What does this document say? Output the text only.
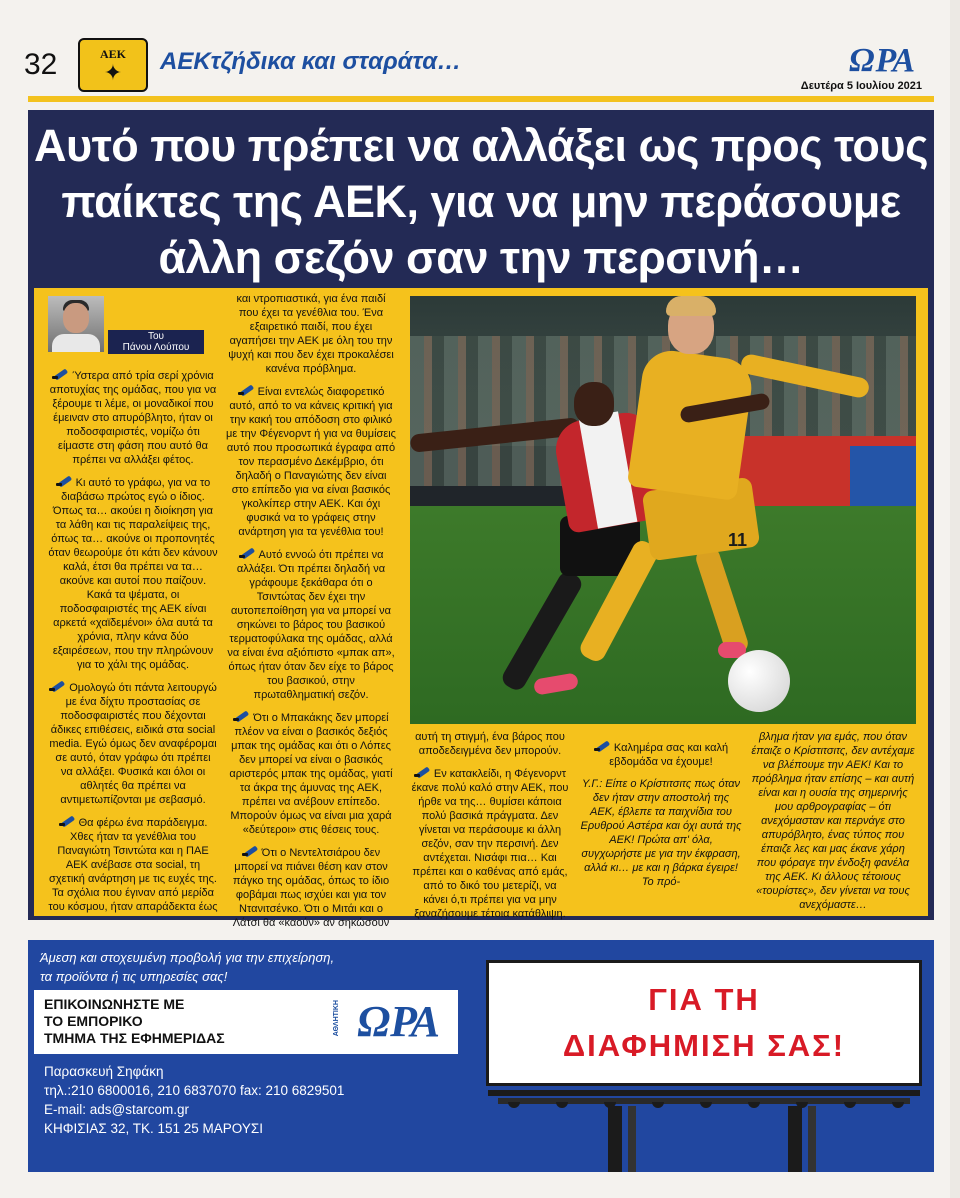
32	ΑΕΚ
✦ ΑΕΚτζήδικα και σταράτα…	ΩΡΑ
Δευτέρα 5 Ιουλίου 2021
Αυτό που πρέπει να αλλάξει ως προς τους
παίκτες της ΑΕΚ, για να μην περάσουμε
άλλη σεζόν σαν την περσινή…
Του
Πάνου Λούπου

Ύστερα από τρία σερί χρόνια αποτυχίας της ομάδας, που για να ξέρουμε τι λέμε, οι μοναδικοί που έμειναν στο απυρόβλητο, ήταν οι ποδοσφαιριστές, νομίζω ότι είμαστε στη φάση που αυτό θα πρέπει να αλλάξει φέτος.

Κι αυτό το γράφω, για να το διαβάσω πρώτος εγώ ο ίδιος. Όπως τα… ακούει η διοίκηση για τα λάθη και τις παραλείψεις της, όπως τα… ακούνε οι προπονητές όταν θεωρούμε ότι κάτι δεν κάνουν καλά, έτσι θα πρέπει να τα… ακούνε και αυτοί που παίζουν. Κακά τα ψέματα, οι ποδοσφαιριστές της ΑΕΚ είναι αρκετά «χαϊδεμένοι» όλα αυτά τα χρόνια, πλην κάνα δύο εξαιρέσεων, που την πληρώνουν για το χάλι της ομάδας.

Ομολογώ ότι πάντα λειτουργώ με ένα δίχτυ προστασίας σε ποδοσφαιριστές που δέχονται άδικες επιθέσεις, ειδικά στα social media. Εγώ όμως δεν αναφέρομαι σε αυτό, όταν γράφω ότι πρέπει να αλλάξει. Φυσικά και όλοι οι αθλητές θα πρέπει να αντιμετωπίζονται με σεβασμό.

Θα φέρω ένα παράδειγμα. Χθες ήταν τα γενέθλια του Παναγιώτη Τσιντώτα και η ΠΑΕ ΑΕΚ ανέβασε στα social, τη σχετική ανάρτηση με τις ευχές της. Τα σχόλια που έγιναν από μερίδα του κόσμου, ήταν απαράδεκτα έως

και ντροπιαστικά, για ένα παιδί που έχει τα γενέθλια του. Ένα εξαιρετικό παιδί, που έχει αγαπήσει την ΑΕΚ με όλη του την ψυχή και που δεν έχει προκαλέσει κανένα πρόβλημα.

Είναι εντελώς διαφορετικό αυτό, από το να κάνεις κριτική για την κακή του απόδοση στο φιλικό με την Φέγενορντ ή για να θυμίσεις αυτό που προσωπικά έγραφα από τον περασμένο Δεκέμβριο, ότι δηλαδή ο Παναγιώτης δεν είναι στο επίπεδο για να είναι βασικός γκολκίπερ στην ΑΕΚ. Και όχι φυσικά να το γράφεις στην ανάρτηση για τα γενέθλια του!

Αυτό εννοώ ότι πρέπει να αλλάξει. Ότι πρέπει δηλαδή να γράφουμε ξεκάθαρα ότι ο Τσιντώτας δεν έχει την αυτοπεποίθηση για να μπορεί να σηκώνει το βάρος του βασικού τερματοφύλακα της ομάδας, αλλά να είναι ένα αξιόπιστο «μπακ απ», όπως ήταν όταν δεν είχε το βάρος του βασικού, στην πρωταθληματική σεζόν.

Ότι ο Μπακάκης δεν μπορεί πλέον να είναι ο βασικός δεξιός μπακ της ομάδας και ότι ο Λόπες δεν μπορεί να είναι ο βασικός αριστερός μπακ της ομάδας, γιατί τα άκρα της άμυνας της ΑΕΚ, πρέπει να ανέβουν επίπεδο. Μπορούν όμως να είναι μια χαρά «δεύτεροι» στις θέσεις τους.

Ότι ο Νεντελτσιάρου δεν μπορεί να πιάνει θέση καν στον πάγκο της ομάδας, όπως το ίδιο φοβάμαι πως ισχύει και για τον Ντανιτσένκο. Ότι ο Μιτάι και ο Λάτσι θα «καούν» αν σηκώσουν

11

αυτή τη στιγμή, ένα βάρος που αποδεδειγμένα δεν μπορούν.

Εν κατακλείδι, η Φέγενορντ έκανε πολύ καλό στην ΑΕΚ, που ήρθε να της… θυμίσει κάποια πολύ βασικά πράγματα. Δεν γίνεται να περάσουμε κι άλλη σεζόν, σαν την περσινή. Δεν αντέχεται. Νισάφι πια… Και πρέπει και ο καθένας από εμάς, από το δικό του μετερίζι, να κάνει ό,τι πρέπει για να μην ξαναζήσουμε τέτοια κατάθλιψη.

Καλημέρα σας και καλή εβδομάδα να έχουμε!

Υ.Γ.: Είπε ο Κρίστιτσιτς πως όταν δεν ήταν στην αποστολή της ΑΕΚ, έβλεπε τα παιχνίδια του Ερυθρού Αστέρα και όχι αυτά της ΑΕΚ! Πρώτα απ' όλα, συγχωρήστε με για την έκφραση, αλλά κι… με και η βάρκα έγειρε! Το πρό-

βλημα ήταν για εμάς, που όταν έπαιζε ο Κρίστιτσιτς, δεν αντέχαμε να βλέπουμε την ΑΕΚ! Και το πρόβλημα ήταν επίσης – και αυτή είναι και η ουσία της σημερινής μου αρθρογραφίας – ότι ανεχόμασταν και περνάγε στο απυρόβλητο, ένας τύπος που έπαιζε λες και μας έκανε χάρη που φόραγε την ένδοξη φανέλα της ΑΕΚ. Κι άλλους τέτοιους «τουρίστες», δεν γίνεται να τους ανεχόμαστε…

Άμεση και στοχευμένη προβολή για την επιχείρηση,
τα προϊόντα ή τις υπηρεσίες σας!
ΕΠΙΚΟΙΝΩΝΗΣΤΕ ΜΕ
ΤΟ ΕΜΠΟΡΙΚΟ
ΤΜΗΜΑ ΤΗΣ ΕΦΗΜΕΡΙΔΑΣ
ΑΘΛΗΤΙΚΗ ΩΡΑ
Παρασκευή Σηφάκη
τηλ.:210 6800016, 210 6837070 fax: 210 6829501
E-mail: ads@starcom.gr
ΚΗΦΙΣΙΑΣ 32, ΤΚ. 151 25 ΜΑΡΟΥΣΙ
ΓΙΑ ΤΗ
ΔΙΑΦΗΜΙΣΗ ΣΑΣ!
